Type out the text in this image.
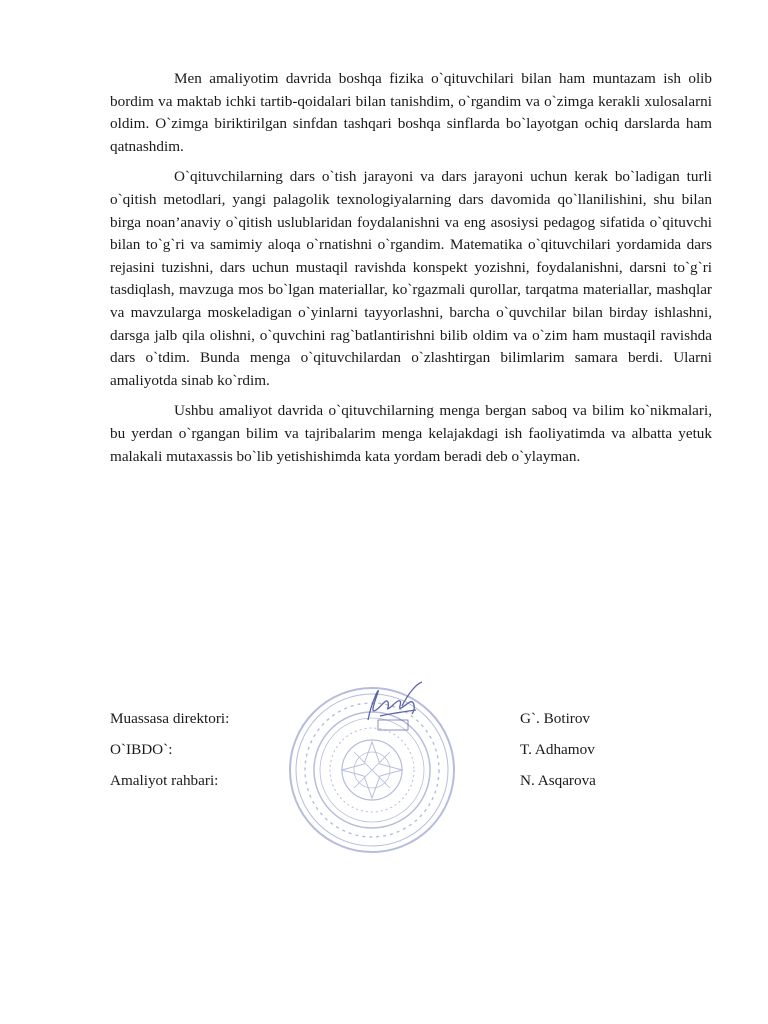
Men amaliyotim davrida boshqa fizika o`qituvchilari bilan ham muntazam ish olib bordim va maktab ichki tartib-qoidalari bilan tanishdim, o`rgandim va o`zimga kerakli xulosalarni oldim. O`zimga biriktirilgan sinfdan tashqari boshqa sinflarda bo`layotgan ochiq darslarda ham qatnashdim.

O`qituvchilarning dars o`tish jarayoni va dars jarayoni uchun kerak bo`ladigan turli o`qitish metodlari, yangi palagolik texnologiyalarning dars davomida qo`llanilishini, shu bilan birga noan’anaviy o`qitish uslublaridan foydalanishni va eng asosiysi pedagog sifatida o`qituvchi bilan to`g`ri va samimiy aloqa o`rnatishni o`rgandim. Matematika o`qituvchilari yordamida dars rejasini tuzishni, dars uchun mustaqil ravishda konspekt yozishni, foydalanishni, darsni to`g`ri tasdiqlash, mavzuga mos bo`lgan materiallar, ko`rgazmali qurollar, tarqatma materiallar, mashqlar va mavzularga moskeladigan o`yinlarni tayyorlashni, barcha o`quvchilar bilan birday ishlashni, darsga jalb qila olishni, o`quvchini rag`batlantirishni bilib oldim va o`zim ham mustaqil ravishda dars o`tdim. Bunda menga o`qituvchilardan o`zlashtirgan bilimlarim samara berdi. Ularni amaliyotda sinab ko`rdim.

Ushbu amaliyot davrida o`qituvchilarning menga bergan saboq va bilim ko`nikmalari, bu yerdan o`rgangan bilim va tajribalarim menga kelajakdagi ish faoliyatimda va albatta yetuk malakali mutaxassis bo`lib yetishishimda kata yordam beradi deb o`ylayman.

Muassasa direktori:	G`. Botirov
O`IBDO`:	T. Adhamov
Amaliyot rahbari:	N. Asqarova
